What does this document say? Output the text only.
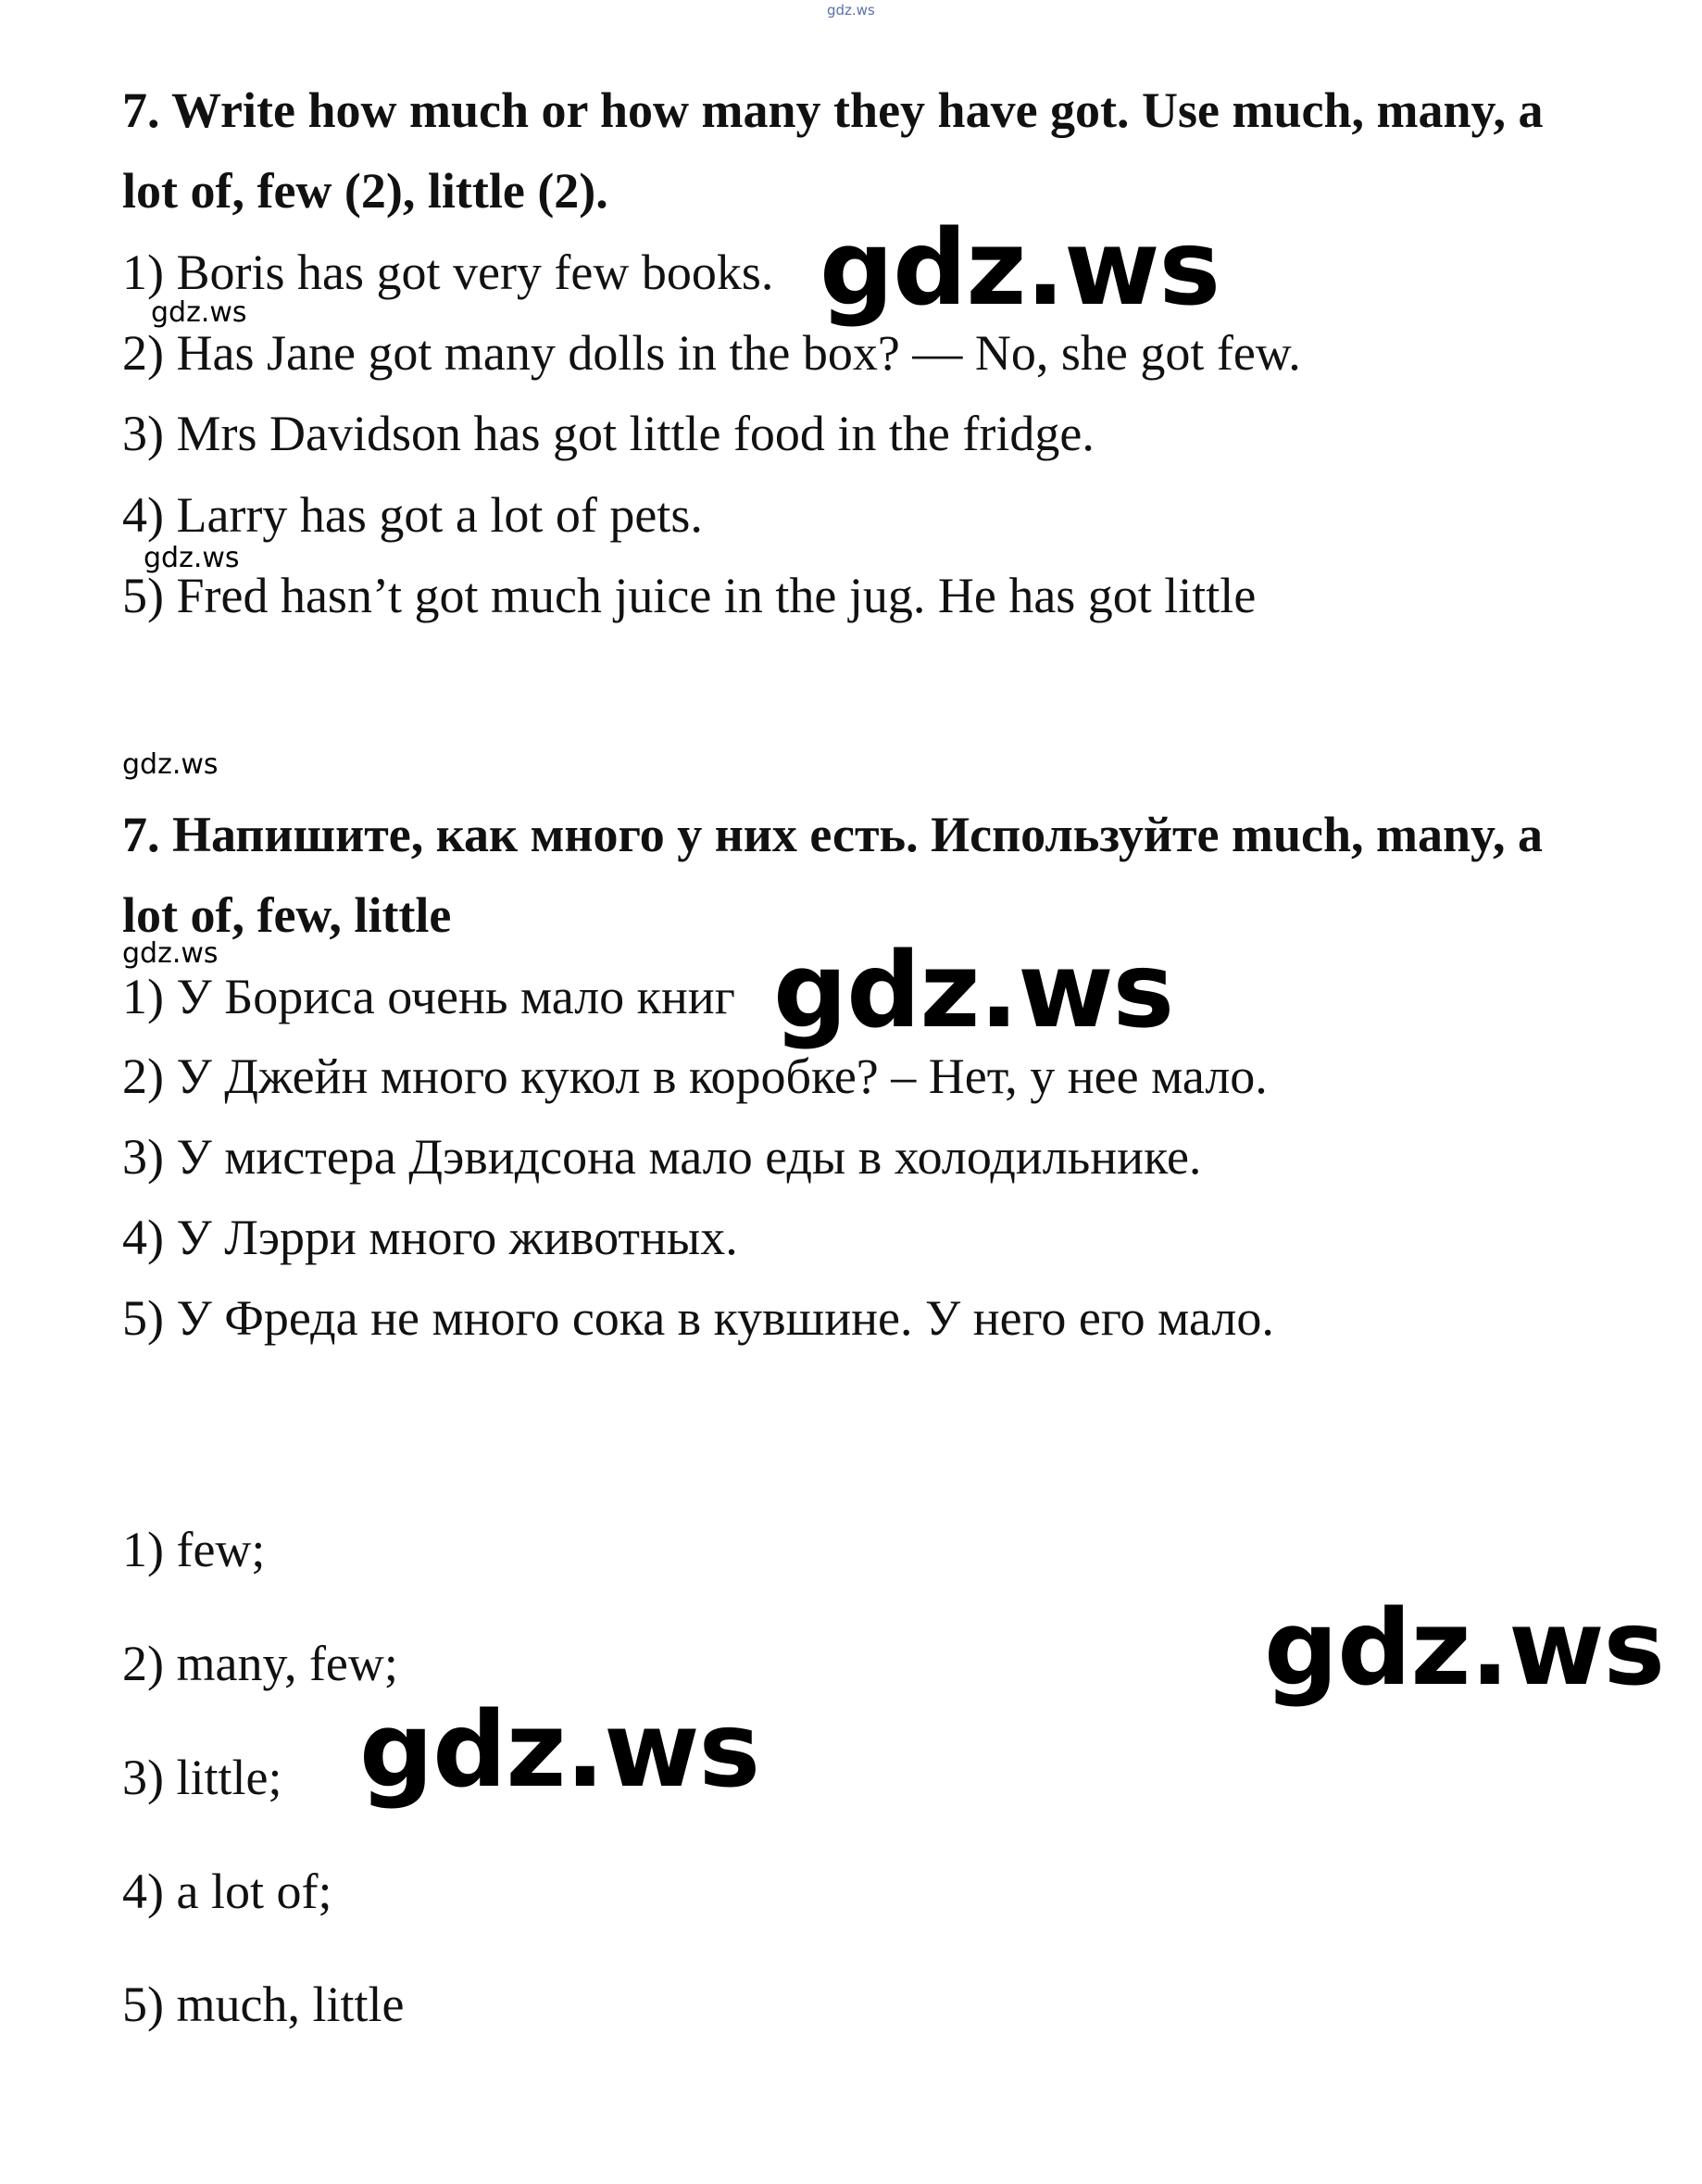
gdz.ws
7. Write how much or how many they have got. Use much, many, a
lot of, few (2), little (2).
1) Boris has got very few books.
2) Has Jane got many dolls in the box? — No, she got few.
3) Mrs Davidson has got little food in the fridge.
4) Larry has got a lot of pets.
5) Fred hasn’t got much juice in the jug. He has got little
7. Напишите, как много у них есть. Используйте much, many, a
lot of, few, little
1) У Бориса очень мало книг
2) У Джейн много кукол в коробке? – Нет, у нее мало.
3) У мистера Дэвидсона мало еды в холодильнике.
4) У Лэрри много животных.
5) У Фреда не много сока в кувшине. У него его мало.
1) few;
2) many, few;
3) little;
4) a lot of;
5) much, little
gdz.ws
gdz.ws
gdz.ws
gdz.ws
gdz.ws
gdz.ws
gdz.ws
gdz.ws
